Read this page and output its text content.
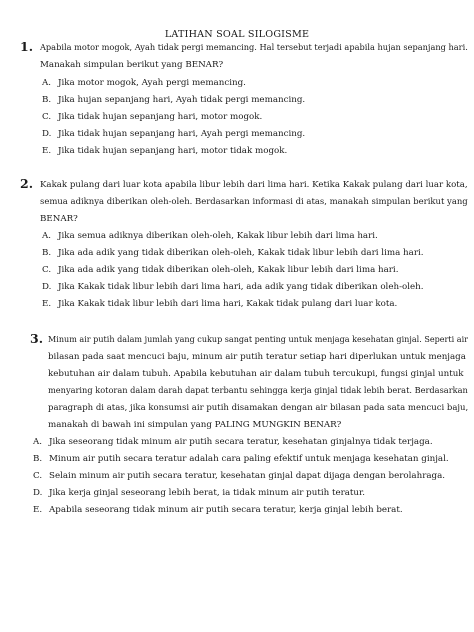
LATIHAN SOAL SILOGISME
1. Apabila motor mogok, Ayah tidak pergi memancing. Hal tersebut terjadi apabila hujan sepanjang hari.
Manakah simpulan berikut yang BENAR?
A. Jika motor mogok, Ayah pergi memancing.
B. Jika hujan sepanjang hari, Ayah tidak pergi memancing.
C. Jika tidak hujan sepanjang hari, motor mogok.
D. Jika tidak hujan sepanjang hari, Ayah pergi memancing.
E. Jika tidak hujan sepanjang hari, motor tidak mogok.
2. Kakak pulang dari luar kota apabila libur lebih dari lima hari. Ketika Kakak pulang dari luar kota,
semua adiknya diberikan oleh-oleh. Berdasarkan informasi di atas, manakah simpulan berikut yang
BENAR?
A. Jika semua adiknya diberikan oleh-oleh, Kakak libur lebih dari lima hari.
B. Jika ada adik yang tidak diberikan oleh-oleh, Kakak tidak libur lebih dari lima hari.
C. Jika ada adik yang tidak diberikan oleh-oleh, Kakak libur lebih dari lima hari.
D. Jika Kakak tidak libur lebih dari lima hari, ada adik yang tidak diberikan oleh-oleh.
E. Jika Kakak tidak libur lebih dari lima hari, Kakak tidak pulang dari luar kota.
3. Minum air putih dalam jumlah yang cukup sangat penting untuk menjaga kesehatan ginjal. Seperti air
bilasan pada saat mencuci baju, minum air putih teratur setiap hari diperlukan untuk menjaga
kebutuhan air dalam tubuh. Apabila kebutuhan air dalam tubuh tercukupi, fungsi ginjal untuk
menyaring kotoran dalam darah dapat terbantu sehingga kerja ginjal tidak lebih berat. Berdasarkan
paragraph di atas, jika konsumsi air putih disamakan dengan air bilasan pada sata mencuci baju,
manakah di bawah ini simpulan yang PALING MUNGKIN BENAR?
A. Jika seseorang tidak minum air putih secara teratur, kesehatan ginjalnya tidak terjaga.
B. Minum air putih secara teratur adalah cara paling efektif untuk menjaga kesehatan ginjal.
C. Selain minum air putih secara teratur, kesehatan ginjal dapat dijaga dengan berolahraga.
D. Jika kerja ginjal seseorang lebih berat, ia tidak minum air putih teratur.
E. Apabila seseorang tidak minum air putih secara teratur, kerja ginjal lebih berat.
